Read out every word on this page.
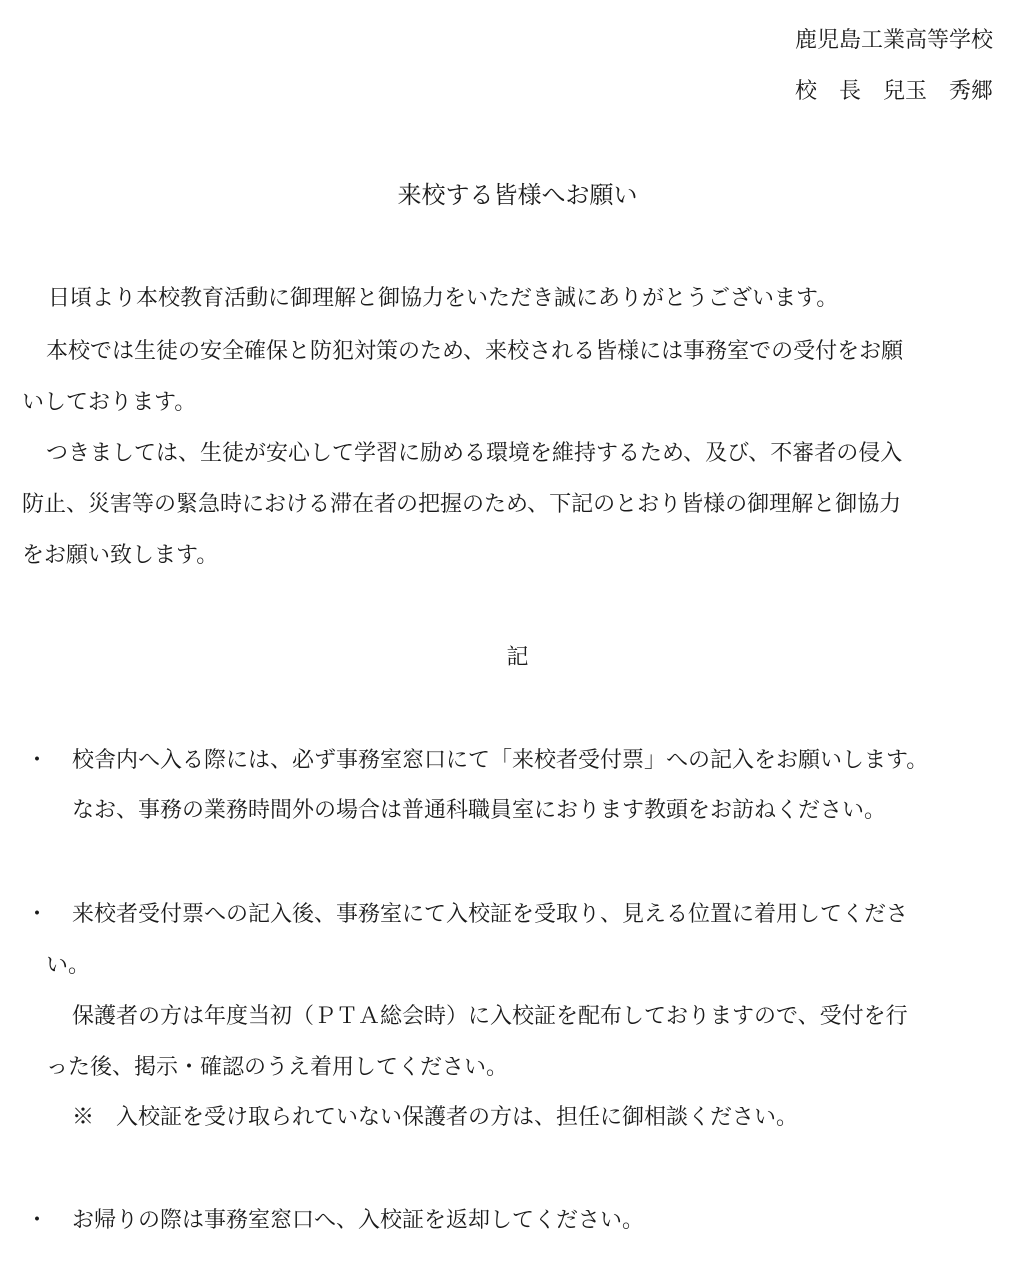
鹿児島工業高等学校
校　長　兒玉　秀郷
来校する皆様へお願い
日頃より本校教育活動に御理解と御協力をいただき誠にありがとうございます。
本校では生徒の安全確保と防犯対策のため、来校される皆様には事務室での受付をお願
いしております。
つきましては、生徒が安心して学習に励める環境を維持するため、及び、不審者の侵入
防止、災害等の緊急時における滞在者の把握のため、下記のとおり皆様の御理解と御協力
をお願い致します。
記
・ 校舎内へ入る際には、必ず事務室窓口にて「来校者受付票」への記入をお願いします。
なお、事務の業務時間外の場合は普通科職員室におります教頭をお訪ねください。
・ 来校者受付票への記入後、事務室にて入校証を受取り、見える位置に着用してくださ
い。
保護者の方は年度当初（ＰＴＡ総会時）に入校証を配布しておりますので、受付を行
った後、掲示・確認のうえ着用してください。
※　入校証を受け取られていない保護者の方は、担任に御相談ください。
・ お帰りの際は事務室窓口へ、入校証を返却してください。
